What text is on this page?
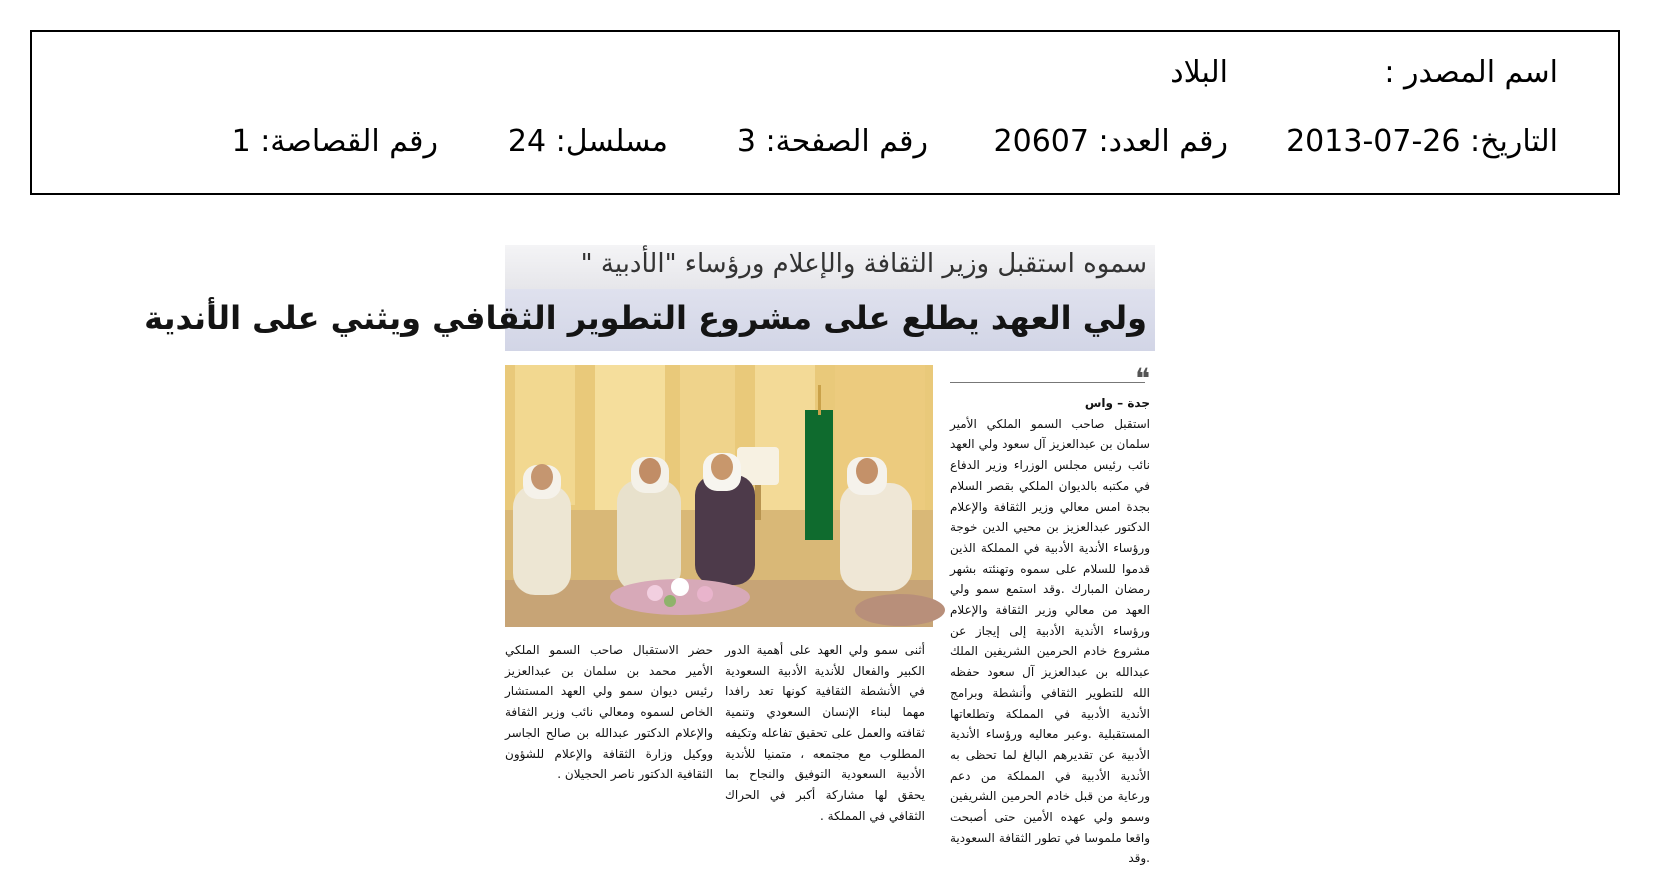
اسم المصدر :
البلاد
التاريخ: 26-07-2013
رقم العدد: 20607
رقم الصفحة: 3
مسلسل: 24
رقم القصاصة: 1
سموه استقبل وزير الثقافة والإعلام ورؤساء "الأدبية "
ولي العهد يطلع على مشروع التطوير الثقافي ويثني على الأندية
❝
جدة – واس
استقبل صاحب السمو الملكي الأمير سلمان بن عبدالعزيز آل سعود ولي العهد نائب رئيس مجلس الوزراء وزير الدفاع في مكتبه بالديوان الملكي بقصر السلام بجدة امس معالي وزير الثقافة والإعلام الدكتور عبدالعزيز بن محيي الدين خوجة ورؤساء الأندية الأدبية في المملكة الذين قدموا للسلام على سموه وتهنئته بشهر رمضان المبارك .وقد استمع سمو ولي العهد من معالي وزير الثقافة والإعلام ورؤساء الأندية الأدبية إلى إيجاز عن مشروع خادم الحرمين الشريفين الملك عبدالله بن عبدالعزيز آل سعود حفظه الله للتطوير الثقافي وأنشطة وبرامج الأندية الأدبية في المملكة وتطلعاتها المستقبلية .وعبر معاليه ورؤساء الأندية الأدبية عن تقديرهم البالغ لما تحظى به الأندية الأدبية في المملكة من دعم ورعاية من قبل خادم الحرمين الشريفين وسمو ولي عهده الأمين حتى أصبحت واقعا ملموسا في تطور الثقافة السعودية .وقد
أثنى سمو ولي العهد على أهمية الدور الكبير والفعال للأندية الأدبية السعودية في الأنشطة الثقافية كونها تعد رافدا مهما لبناء الإنسان السعودي وتنمية ثقافته والعمل على تحقيق تفاعله وتكيفه المطلوب مع مجتمعه ، متمنيا للأندية الأدبية السعودية التوفيق والنجاح بما يحقق لها مشاركة أكبر في الحراك الثقافي في المملكة .
حضر الاستقبال صاحب السمو الملكي الأمير محمد بن سلمان بن عبدالعزيز رئيس ديوان سمو ولي العهد المستشار الخاص لسموه ومعالي نائب وزير الثقافة والإعلام الدكتور عبدالله بن صالح الجاسر ووكيل وزارة الثقافة والإعلام للشؤون الثقافية الدكتور ناصر الحجيلان .
